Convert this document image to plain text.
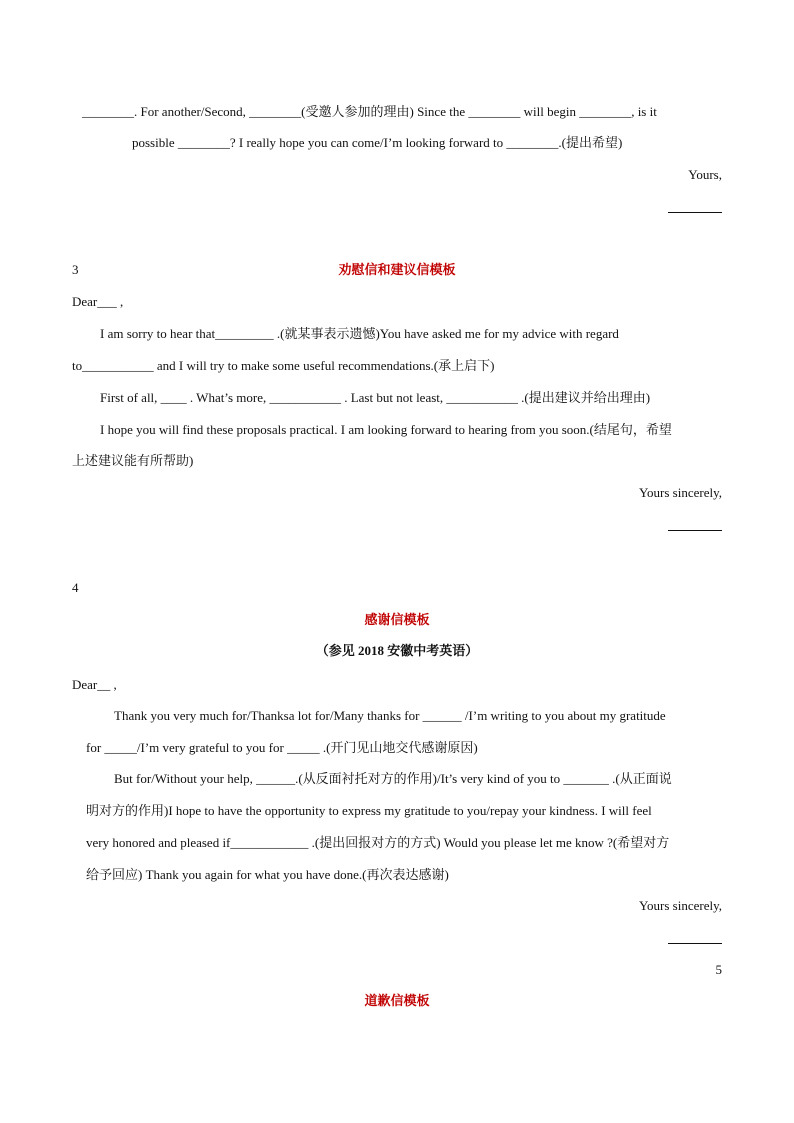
________. For another/Second, ________(受邀人参加的理由) Since the ________ will begin ________, is it
possible ________? I really hope you can come/I’m looking forward to ________.(提出希望)
Yours,
3	劝慰信和建议信模板
Dear___ ,
I am sorry to hear that_________ .(就某事表示遗憾)You have asked me for my advice with regard
to___________ and I will try to make some useful recommendations.(承上启下)
First of all, ____ . What’s more, ___________ . Last but not least, ___________ .(提出建议并给出理由)
I hope you will find these proposals practical. I am looking forward to hearing from you soon.(结尾句，希望
上述建议能有所帮助)
Yours sincerely,
4
感谢信模板
（参见 2018 安徽中考英语）
Dear__ ,
Thank you very much for/Thanksa lot for/Many thanks for ______ /I’m writing to you about my gratitude
for _____/I’m very grateful to you for _____ .(开门见山地交代感谢原因)
But for/Without your help, ______.(从反面衬托对方的作用)/It’s very kind of you to _______ .(从正面说
明对方的作用)I hope to have the opportunity to express my gratitude to you/repay your kindness. I will feel
very honored and pleased if____________ .(提出回报对方的方式) Would you please let me know ?(希望对方
给予回应) Thank you again for what you have done.(再次表达感谢)
Yours sincerely,
5
道歉信模板
